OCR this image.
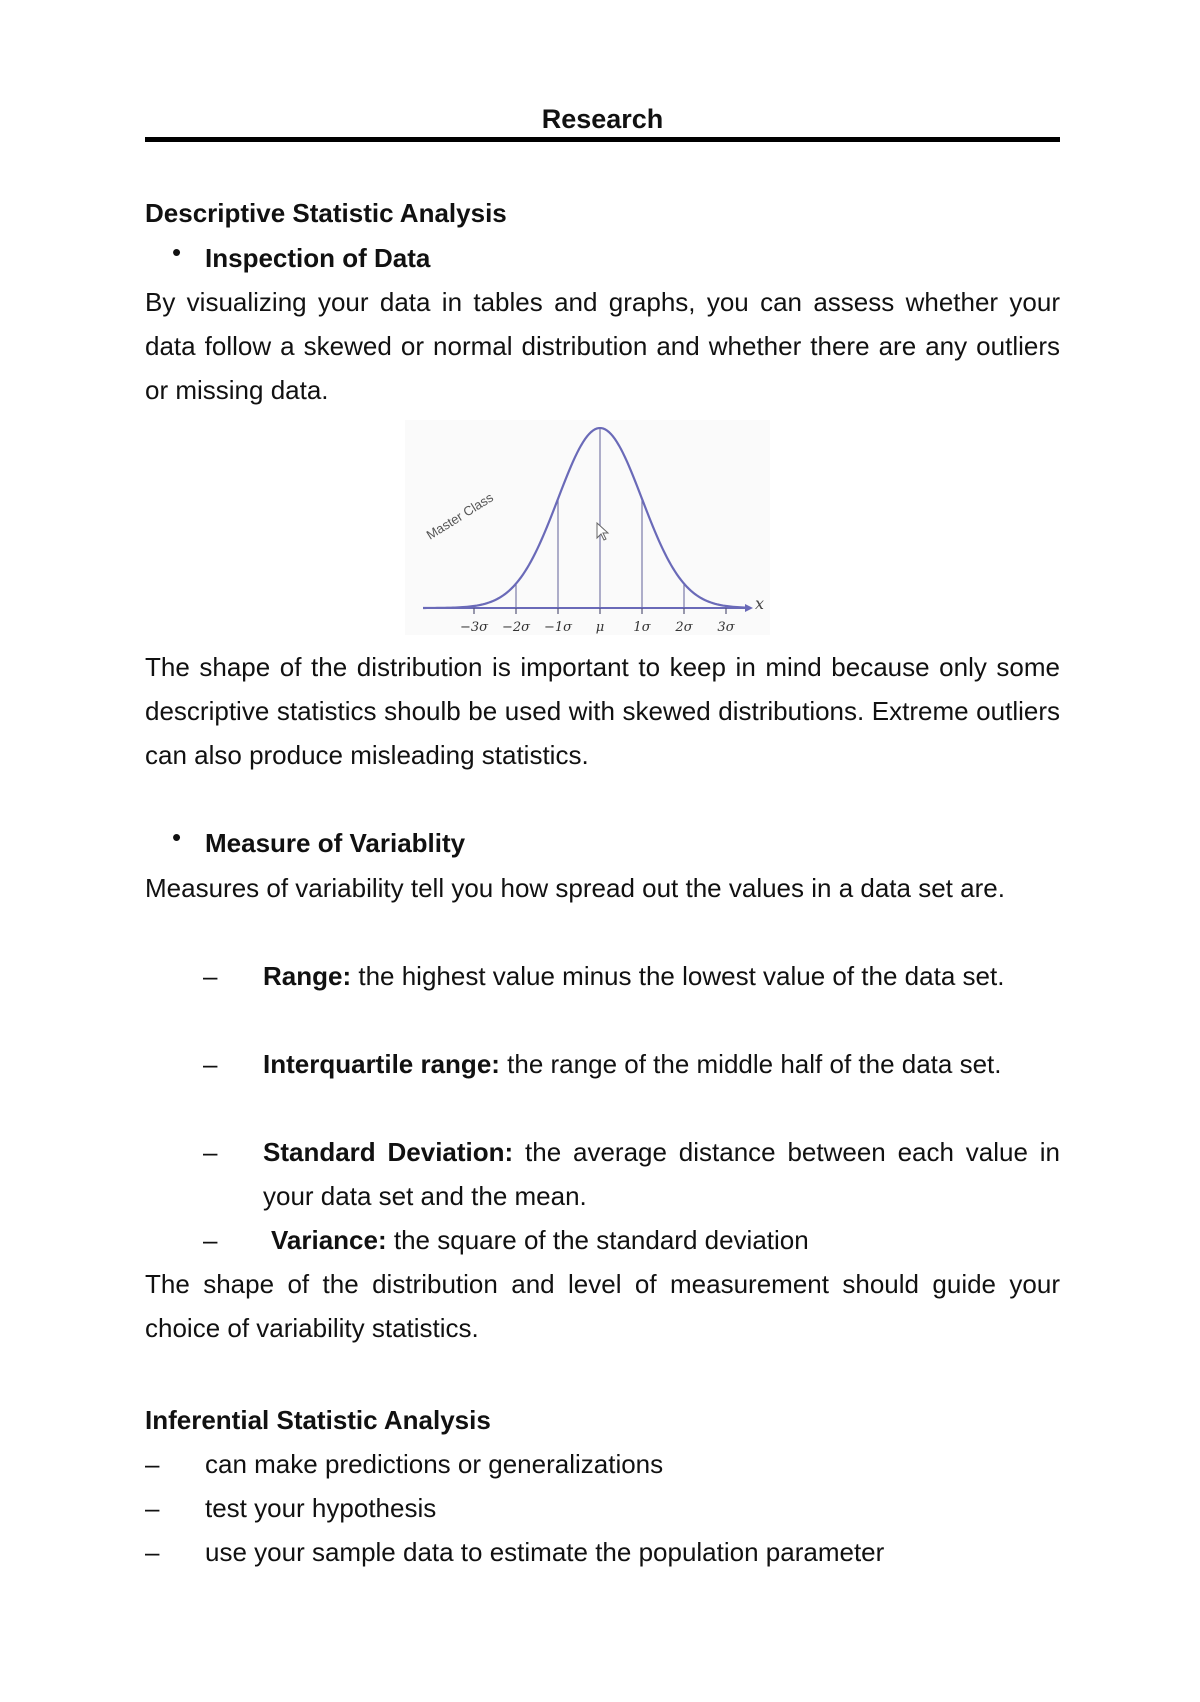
Research
Descriptive Statistic Analysis
• Inspection of Data
By visualizing your data in tables and graphs, you can assess whether your data follow a skewed or normal distribution and whether there are any outliers or missing data.
x
−3σ −2σ −1σ μ 1σ 2σ 3σ
Master Class
The shape of the distribution is important to keep in mind because only some descriptive statistics shoulb be used with skewed distributions. Extreme outliers can also produce misleading statistics.
• Measure of Variablity
Measures of variability tell you how spread out the values in a data set are.
– Range: the highest value minus the lowest value of the data set.
– Interquartile range: the range of the middle half of the data set.
– Standard Deviation: the average distance between each value in your data set and the mean.
– Variance: the square of the standard deviation
The shape of the distribution and level of measurement should guide your choice of variability statistics.
Inferential Statistic Analysis
– can make predictions or generalizations
– test your hypothesis
– use your sample data to estimate the population parameter
